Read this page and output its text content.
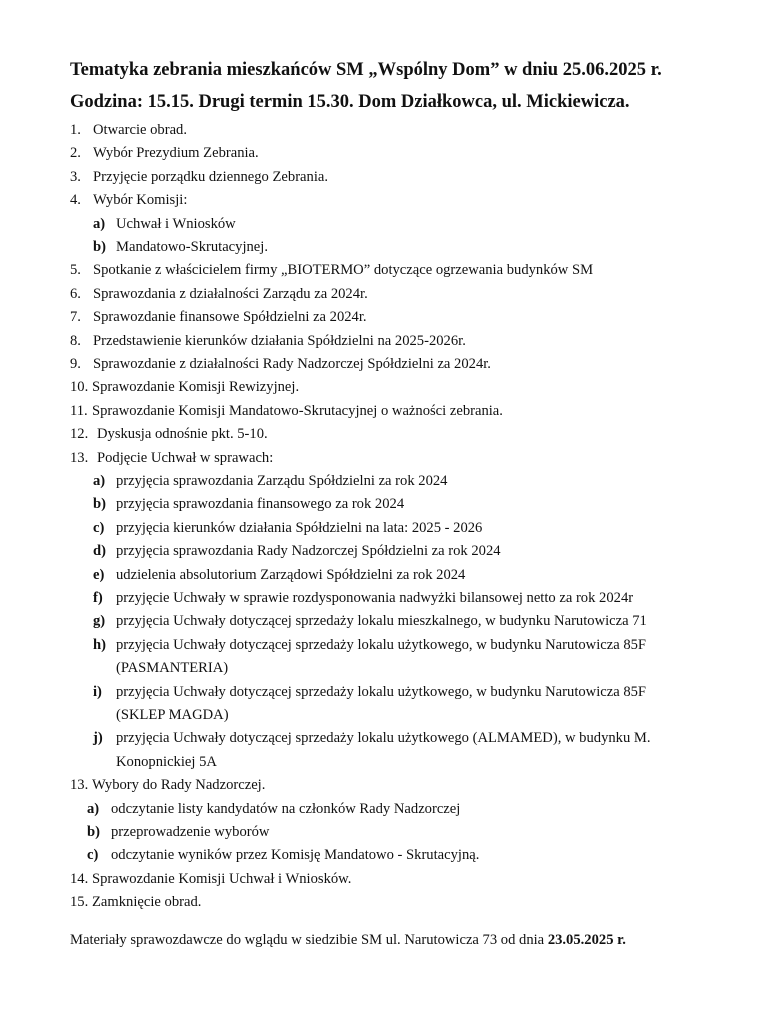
Tematyka zebrania mieszkańców SM „Wspólny Dom” w dniu 25.06.2025 r.
Godzina: 15.15. Drugi termin 15.30. Dom Działkowca, ul. Mickiewicza.
1. Otwarcie obrad.
2. Wybór Prezydium Zebrania.
3. Przyjęcie porządku dziennego Zebrania.
4. Wybór Komisji:
a) Uchwał i Wniosków
b) Mandatowo-Skrutacyjnej.
5. Spotkanie z właścicielem firmy „BIOTERMO” dotyczące ogrzewania budynków SM
6. Sprawozdania z działalności Zarządu za 2024r.
7. Sprawozdanie finansowe Spółdzielni za 2024r.
8. Przedstawienie kierunków działania Spółdzielni na 2025-2026r.
9. Sprawozdanie z działalności Rady Nadzorczej Spółdzielni za 2024r.
10. Sprawozdanie Komisji Rewizyjnej.
11. Sprawozdanie Komisji Mandatowo-Skrutacyjnej o ważności zebrania.
12. Dyskusja odnośnie pkt. 5-10.
13. Podjęcie Uchwał w sprawach:
a) przyjęcia sprawozdania Zarządu Spółdzielni za rok 2024
b) przyjęcia sprawozdania finansowego za rok 2024
c) przyjęcia kierunków działania Spółdzielni na lata: 2025 - 2026
d) przyjęcia sprawozdania Rady Nadzorczej Spółdzielni za rok 2024
e) udzielenia absolutorium Zarządowi Spółdzielni za rok 2024
f) przyjęcie Uchwały w sprawie rozdysponowania nadwyżki bilansowej netto za rok 2024r
g) przyjęcia Uchwały dotyczącej sprzedaży lokalu mieszkalnego, w budynku Narutowicza 71
h) przyjęcia Uchwały dotyczącej sprzedaży lokalu użytkowego, w budynku Narutowicza 85F
(PASMANTERIA)
i) przyjęcia Uchwały dotyczącej sprzedaży lokalu użytkowego, w budynku Narutowicza 85F
(SKLEP MAGDA)
j) przyjęcia Uchwały dotyczącej sprzedaży lokalu użytkowego (ALMAMED), w budynku M.
Konopnickiej 5A
13. Wybory do Rady Nadzorczej.
a) odczytanie listy kandydatów na członków Rady Nadzorczej
b) przeprowadzenie wyborów
c) odczytanie wyników przez Komisję Mandatowo - Skrutacyjną.
14. Sprawozdanie Komisji Uchwał i Wniosków.
15. Zamknięcie obrad.
Materiały sprawozdawcze do wglądu w siedzibie SM ul. Narutowicza 73 od dnia 23.05.2025 r.
